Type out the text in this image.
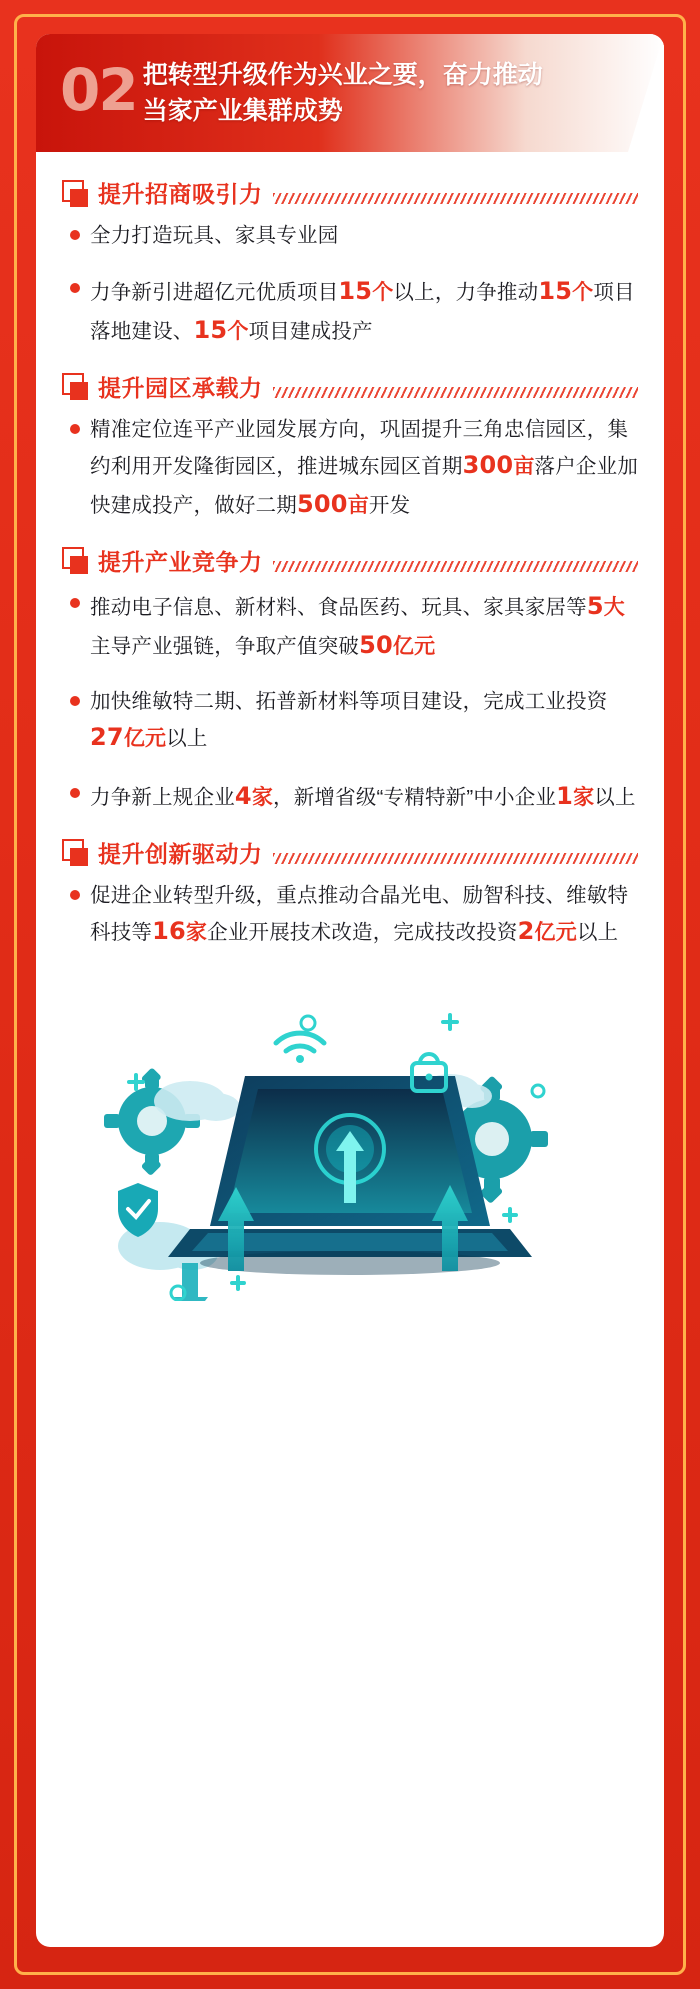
02 把转型升级作为兴业之要，奋力推动当家产业集群成势
提升招商吸引力
全力打造玩具、家具专业园
力争新引进超亿元优质项目15个以上，力争推动15个项目落地建设、15个项目建成投产
提升园区承载力
精准定位连平产业园发展方向，巩固提升三角忠信园区，集约利用开发隆街园区，推进城东园区首期300亩落户企业加快建成投产，做好二期500亩开发
提升产业竞争力
推动电子信息、新材料、食品医药、玩具、家具家居等5大主导产业强链，争取产值突破50亿元
加快维敏特二期、拓普新材料等项目建设，完成工业投资27亿元以上
力争新上规企业4家，新增省级“专精特新”中小企业1家以上
提升创新驱动力
促进企业转型升级，重点推动合晶光电、励智科技、维敏特科技等16家企业开展技术改造，完成技改投资2亿元以上
